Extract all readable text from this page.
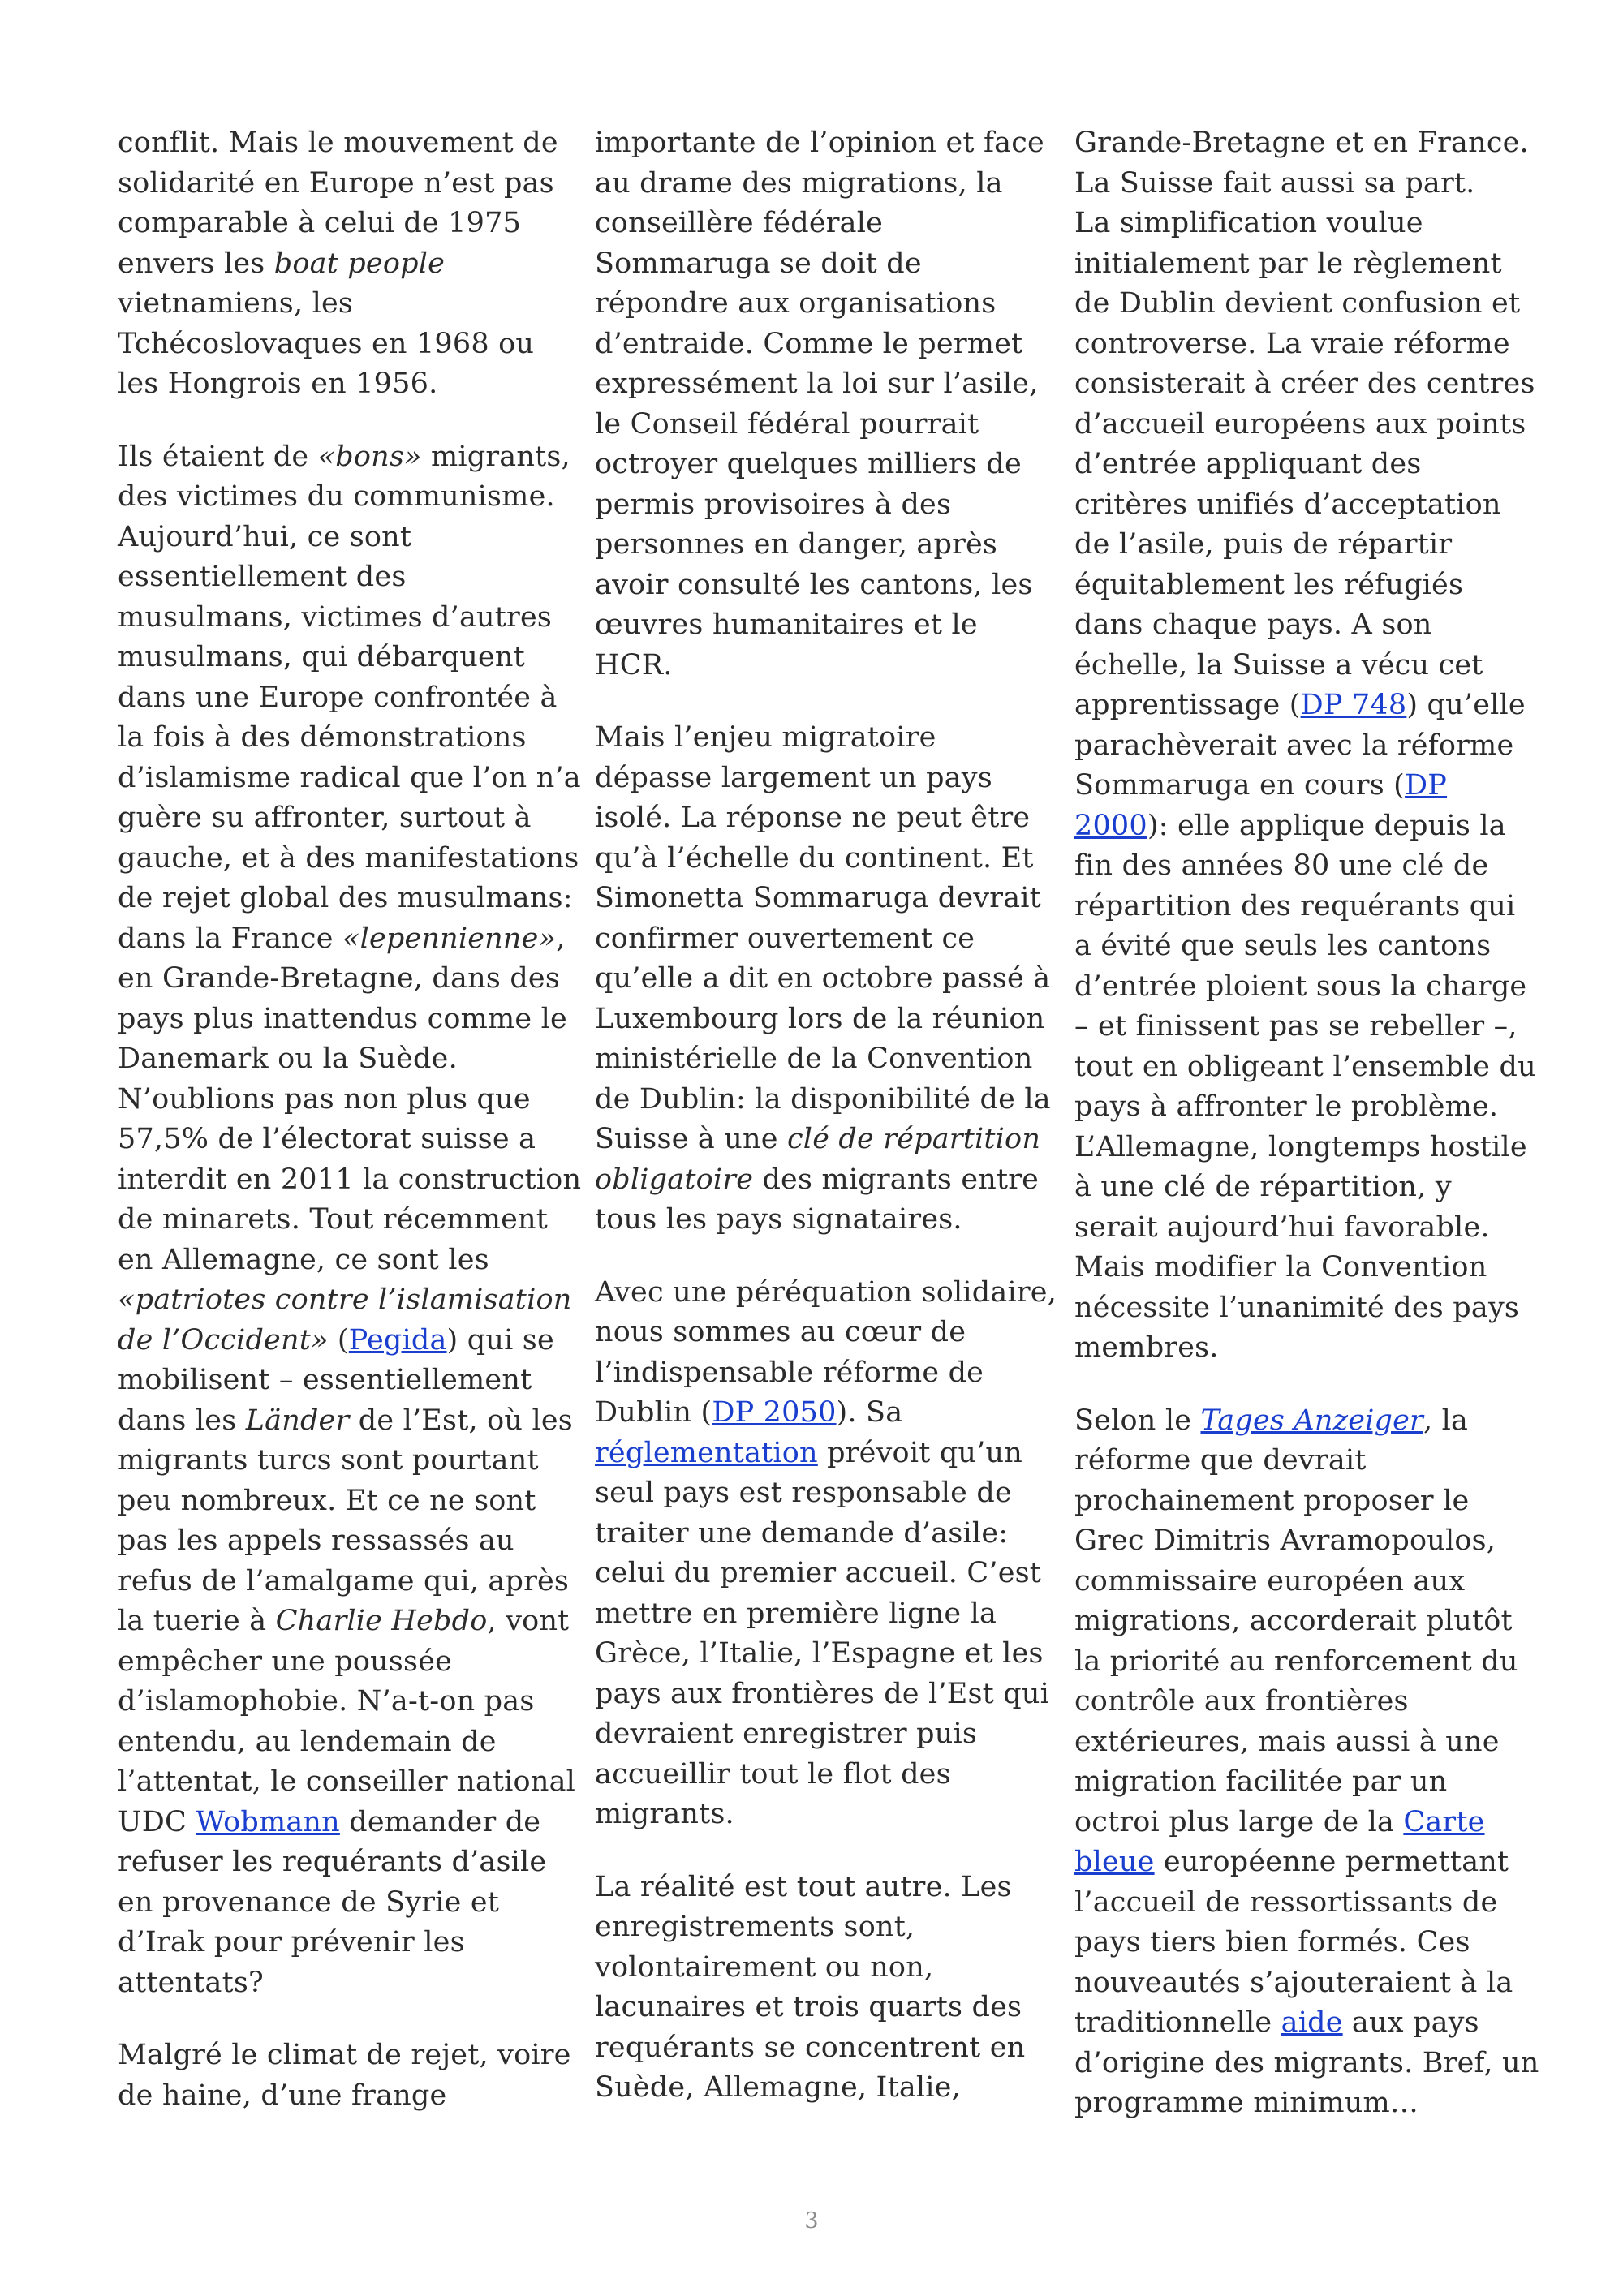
conflit. Mais le mouvement de
solidarité en Europe n’est pas
comparable à celui de 1975
envers les boat people
vietnamiens, les
Tchécoslovaques en 1968 ou
les Hongrois en 1956.
Ils étaient de «bons» migrants,
des victimes du communisme.
Aujourd’hui, ce sont
essentiellement des
musulmans, victimes d’autres
musulmans, qui débarquent
dans une Europe confrontée à
la fois à des démonstrations
d’islamisme radical que l’on n’a
guère su affronter, surtout à
gauche, et à des manifestations
de rejet global des musulmans:
dans la France «lepennienne»,
en Grande-Bretagne, dans des
pays plus inattendus comme le
Danemark ou la Suède.
N’oublions pas non plus que
57,5% de l’électorat suisse a
interdit en 2011 la construction
de minarets. Tout récemment
en Allemagne, ce sont les
«patriotes contre l’islamisation
de l’Occident» (Pegida) qui se
mobilisent – essentiellement
dans les Länder de l’Est, où les
migrants turcs sont pourtant
peu nombreux. Et ce ne sont
pas les appels ressassés au
refus de l’amalgame qui, après
la tuerie à Charlie Hebdo, vont
empêcher une poussée
d’islamophobie. N’a-t-on pas
entendu, au lendemain de
l’attentat, le conseiller national
UDC Wobmann demander de
refuser les requérants d’asile
en provenance de Syrie et
d’Irak pour prévenir les
attentats?
Malgré le climat de rejet, voire
de haine, d’une frange
importante de l’opinion et face
au drame des migrations, la
conseillère fédérale
Sommaruga se doit de
répondre aux organisations
d’entraide. Comme le permet
expressément la loi sur l’asile,
le Conseil fédéral pourrait
octroyer quelques milliers de
permis provisoires à des
personnes en danger, après
avoir consulté les cantons, les
œuvres humanitaires et le
HCR.
Mais l’enjeu migratoire
dépasse largement un pays
isolé. La réponse ne peut être
qu’à l’échelle du continent. Et
Simonetta Sommaruga devrait
confirmer ouvertement ce
qu’elle a dit en octobre passé à
Luxembourg lors de la réunion
ministérielle de la Convention
de Dublin: la disponibilité de la
Suisse à une clé de répartition
obligatoire des migrants entre
tous les pays signataires.
Avec une péréquation solidaire,
nous sommes au cœur de
l’indispensable réforme de
Dublin (DP 2050). Sa
réglementation prévoit qu’un
seul pays est responsable de
traiter une demande d’asile:
celui du premier accueil. C’est
mettre en première ligne la
Grèce, l’Italie, l’Espagne et les
pays aux frontières de l’Est qui
devraient enregistrer puis
accueillir tout le flot des
migrants.
La réalité est tout autre. Les
enregistrements sont,
volontairement ou non,
lacunaires et trois quarts des
requérants se concentrent en
Suède, Allemagne, Italie,
Grande-Bretagne et en France.
La Suisse fait aussi sa part.
La simplification voulue
initialement par le règlement
de Dublin devient confusion et
controverse. La vraie réforme
consisterait à créer des centres
d’accueil européens aux points
d’entrée appliquant des
critères unifiés d’acceptation
de l’asile, puis de répartir
équitablement les réfugiés
dans chaque pays. A son
échelle, la Suisse a vécu cet
apprentissage (DP 748) qu’elle
parachèverait avec la réforme
Sommaruga en cours (DP
2000): elle applique depuis la
fin des années 80 une clé de
répartition des requérants qui
a évité que seuls les cantons
d’entrée ploient sous la charge
– et finissent pas se rebeller –,
tout en obligeant l’ensemble du
pays à affronter le problème.
L’Allemagne, longtemps hostile
à une clé de répartition, y
serait aujourd’hui favorable.
Mais modifier la Convention
nécessite l’unanimité des pays
membres.
Selon le Tages Anzeiger, la
réforme que devrait
prochainement proposer le
Grec Dimitris Avramopoulos,
commissaire européen aux
migrations, accorderait plutôt
la priorité au renforcement du
contrôle aux frontières
extérieures, mais aussi à une
migration facilitée par un
octroi plus large de la Carte
bleue européenne permettant
l’accueil de ressortissants de
pays tiers bien formés. Ces
nouveautés s’ajouteraient à la
traditionnelle aide aux pays
d’origine des migrants. Bref, un
programme minimum…
3
